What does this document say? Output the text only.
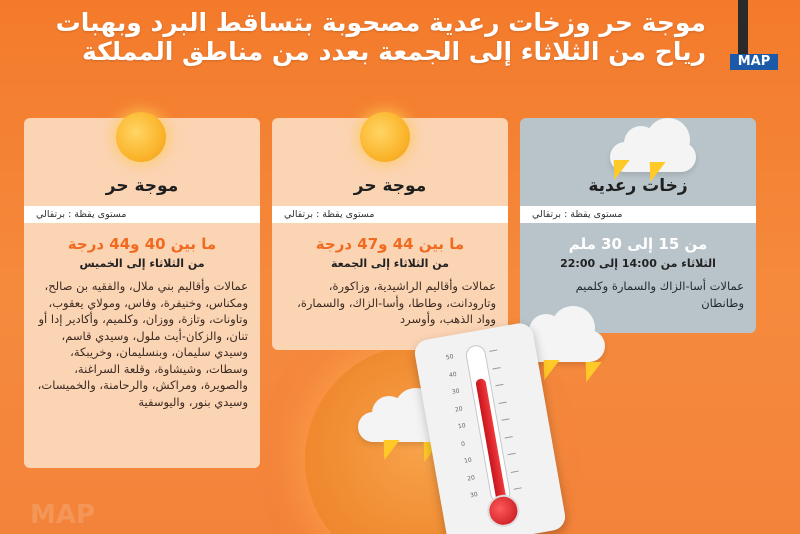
MAP
موجة حر وزخات رعدية مصحوبة بتساقط البرد وبهبات رياح من الثلاثاء إلى الجمعة بعدد من مناطق المملكة
زخات رعدية
مستوى يقظة : برتقالي
من 15 إلى 30 ملم
الثلاثاء من 14:00 إلى 22:00
عمالات أسا-الزاك والسمارة وكلميم وطانطان
موجة حر
مستوى يقظة : برتقالي
ما بين 44 و47 درجة
من الثلاثاء إلى الجمعة
عمالات وأقاليم الراشيدية، وزاكورة، وتارودانت، وطاطا، وأسا-الزاك، والسمارة، وواد الذهب، وأوسرد
موجة حر
مستوى يقظة : برتقالي
ما بين 40 و44 درجة
من الثلاثاء إلى الخميس
عمالات وأقاليم بني ملال، والفقيه بن صالح، ومكناس، وخنيفرة، وفاس، ومولاي يعقوب، وتاونات، وتازة، ووزان، وكلميم، وأكادير إدا أو تنان، والزكان-أيت ملول، وسيدي قاسم، وسيدي سليمان، وبنسليمان، وخريبكة، وسطات، وشيشاوة، وقلعة السراغنة، والصويرة، ومراكش، والرحامنة، والخميسات، وسيدي بنور، واليوسفية
50
40
30
20
10
0
10
20
30
MAP
